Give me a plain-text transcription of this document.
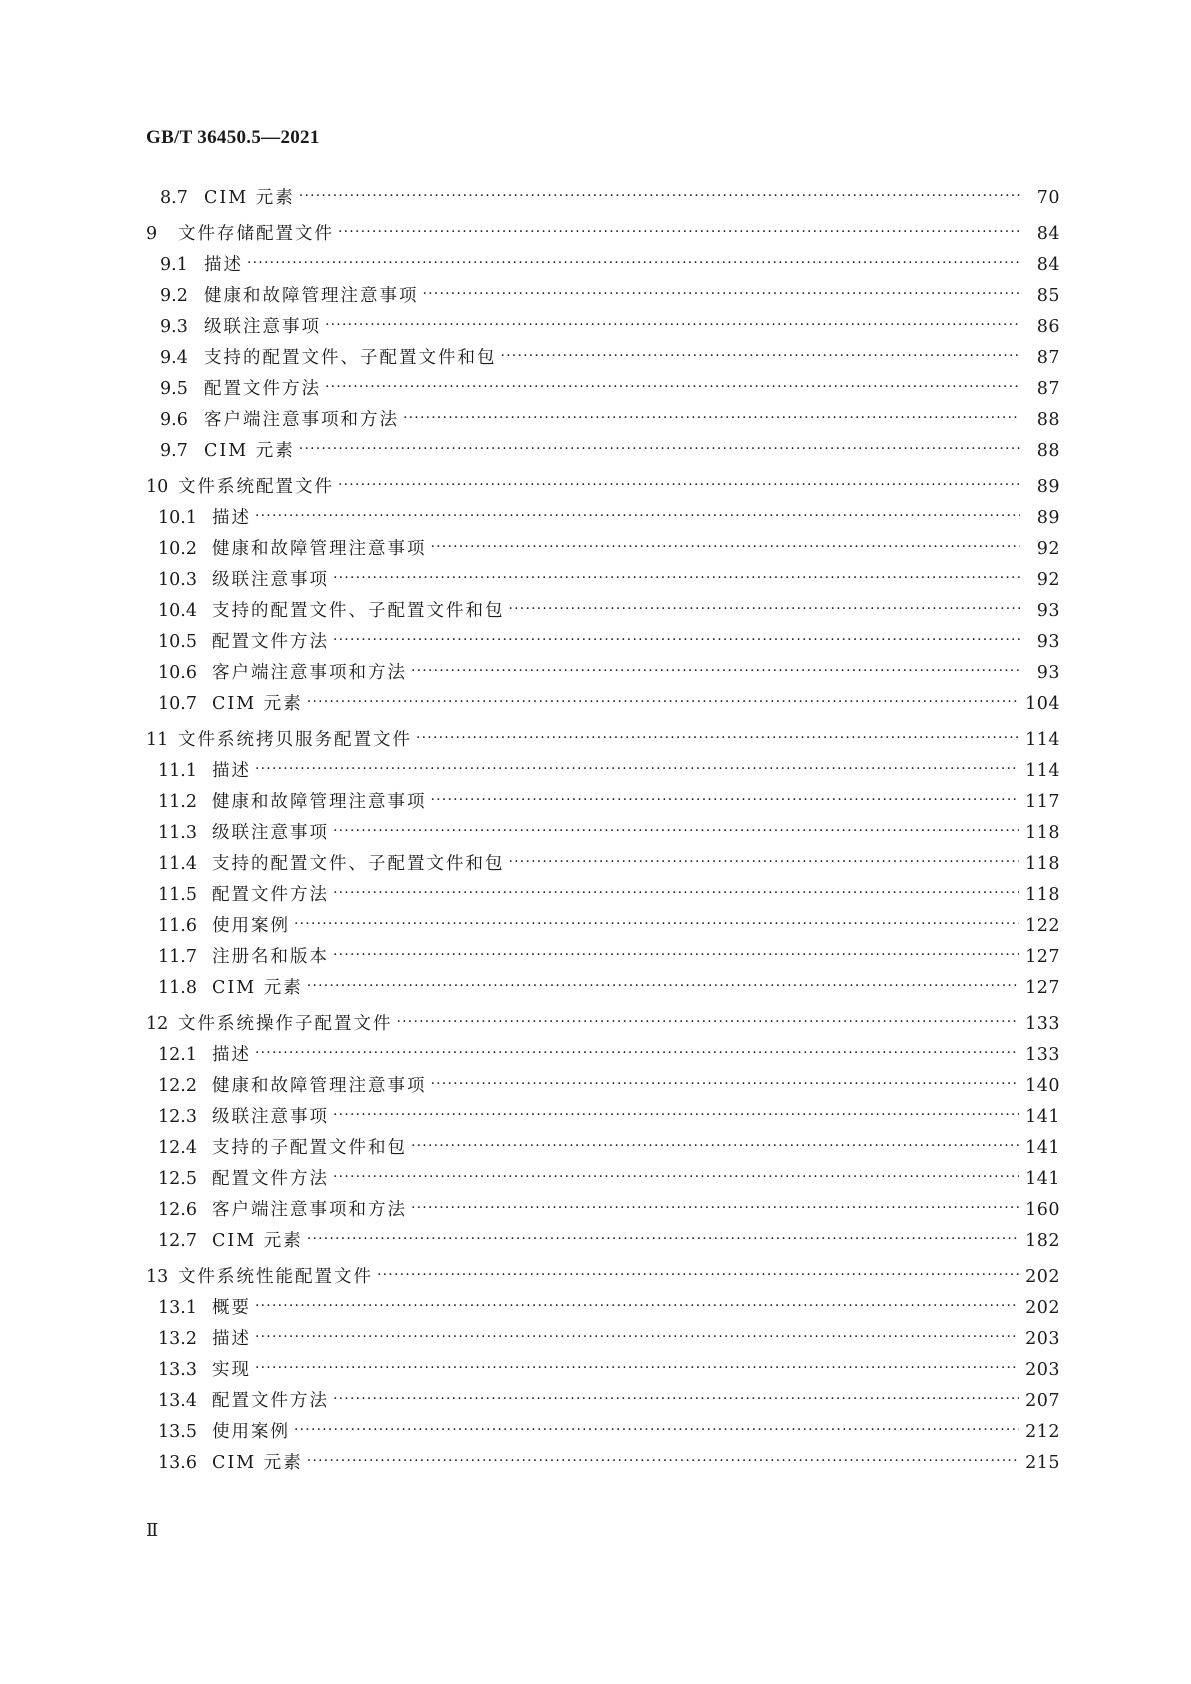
GB/T 36450.5—2021
8.7 CIM 元素 ·····	70
9	文件存储配置文件 ·····	84
9.1 描述 ·····	84
9.2 健康和故障管理注意事项 ·····	85
9.3 级联注意事项 ·····	86
9.4 支持的配置文件、子配置文件和包 ·····	87
9.5 配置文件方法 ·····	87
9.6 客户端注意事项和方法 ·····	88
9.7 CIM 元素 ·····	88
10 文件系统配置文件 ·····	89
10.1 描述 ·····	89
10.2 健康和故障管理注意事项 ·····	92
10.3 级联注意事项 ·····	92
10.4 支持的配置文件、子配置文件和包 ·····	93
10.5 配置文件方法 ·····	93
10.6 客户端注意事项和方法 ·····	93
10.7 CIM 元素 ·····	104
11 文件系统拷贝服务配置文件 ·····	114
11.1 描述 ·····	114
11.2 健康和故障管理注意事项 ·····	117
11.3 级联注意事项 ·····	118
11.4 支持的配置文件、子配置文件和包 ·····	118
11.5 配置文件方法 ·····	118
11.6 使用案例 ·····	122
11.7 注册名和版本 ·····	127
11.8 CIM 元素 ·····	127
12 文件系统操作子配置文件 ·····	133
12.1 描述 ·····	133
12.2 健康和故障管理注意事项 ·····	140
12.3 级联注意事项 ·····	141
12.4 支持的子配置文件和包 ·····	141
12.5 配置文件方法 ·····	141
12.6 客户端注意事项和方法 ·····	160
12.7 CIM 元素 ·····	182
13 文件系统性能配置文件 ·····	202
13.1 概要 ·····	202
13.2 描述 ·····	203
13.3 实现 ·····	203
13.4 配置文件方法 ·····	207
13.5 使用案例 ·····	212
13.6 CIM 元素 ·····	215
Ⅱ
